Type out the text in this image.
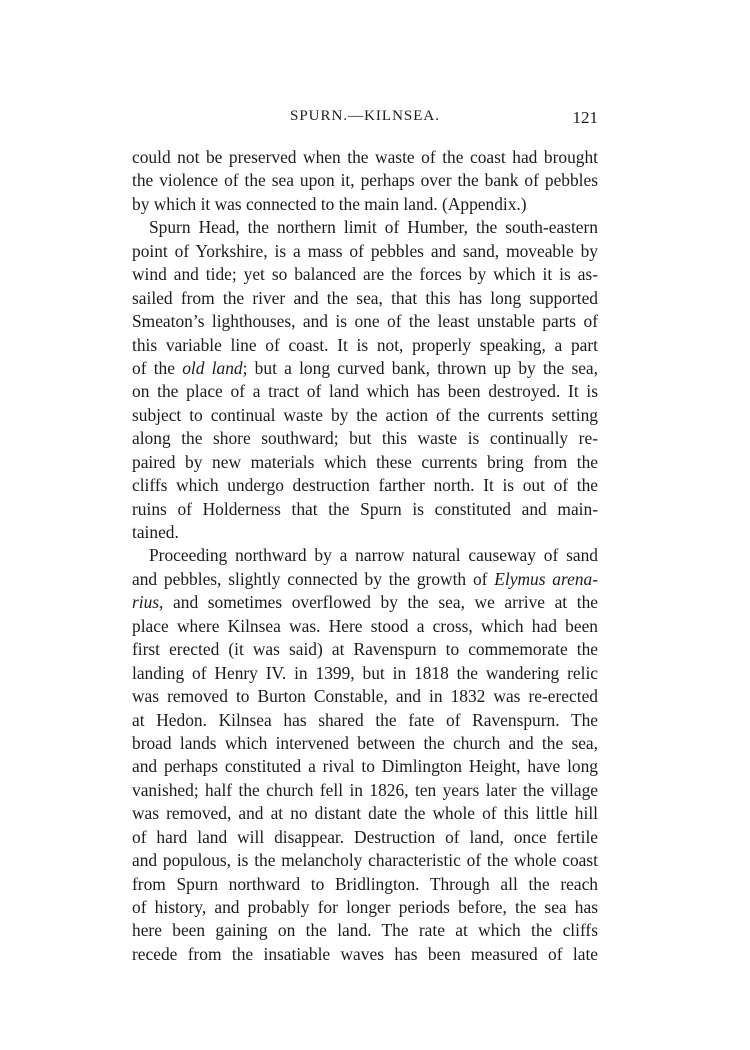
SPURN.—KILNSEA.	121
could not be preserved when the waste of the coast had brought
the violence of the sea upon it, perhaps over the bank of pebbles
by which it was connected to the main land. (Appendix.)
Spurn Head, the northern limit of Humber, the south-eastern
point of Yorkshire, is a mass of pebbles and sand, moveable by
wind and tide; yet so balanced are the forces by which it is as-
sailed from the river and the sea, that this has long supported
Smeaton’s lighthouses, and is one of the least unstable parts of
this variable line of coast. It is not, properly speaking, a part
of the old land; but a long curved bank, thrown up by the sea,
on the place of a tract of land which has been destroyed. It is
subject to continual waste by the action of the currents setting
along the shore southward; but this waste is continually re-
paired by new materials which these currents bring from the
cliffs which undergo destruction farther north. It is out of the
ruins of Holderness that the Spurn is constituted and main-
tained.
Proceeding northward by a narrow natural causeway of sand
and pebbles, slightly connected by the growth of Elymus arena-
rius, and sometimes overflowed by the sea, we arrive at the
place where Kilnsea was. Here stood a cross, which had been
first erected (it was said) at Ravenspurn to commemorate the
landing of Henry IV. in 1399, but in 1818 the wandering relic
was removed to Burton Constable, and in 1832 was re-erected
at Hedon. Kilnsea has shared the fate of Ravenspurn. The
broad lands which intervened between the church and the sea,
and perhaps constituted a rival to Dimlington Height, have long
vanished; half the church fell in 1826, ten years later the village
was removed, and at no distant date the whole of this little hill
of hard land will disappear. Destruction of land, once fertile
and populous, is the melancholy characteristic of the whole coast
from Spurn northward to Bridlington. Through all the reach
of history, and probably for longer periods before, the sea has
here been gaining on the land. The rate at which the cliffs
recede from the insatiable waves has been measured of late
